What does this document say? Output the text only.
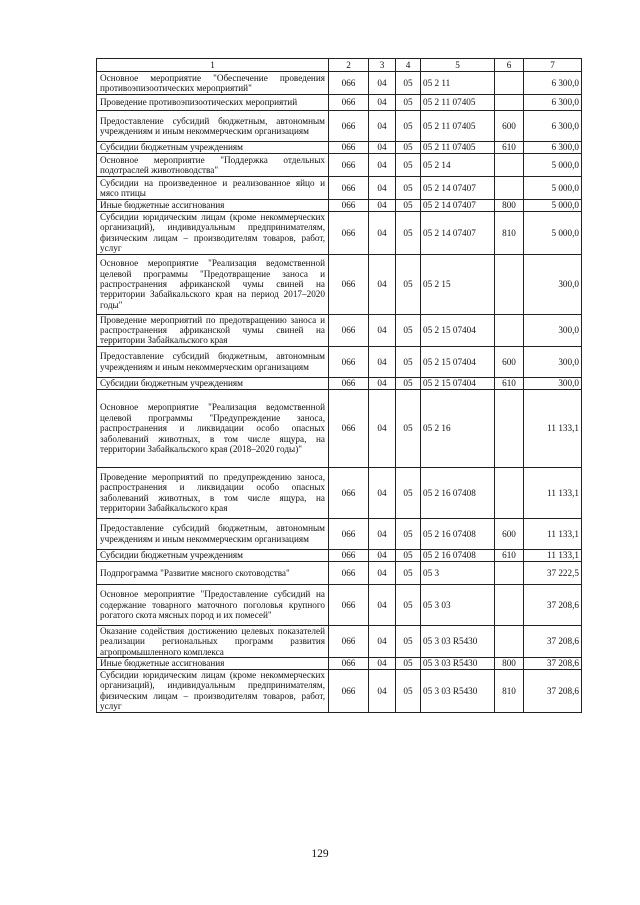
1	2	3	4	5	6	7
Основное мероприятие "Обеспечение проведения противоэпизоотических мероприятий"	066	04	05	05 2 11		6 300,0
Проведение противоэпизоотических мероприятий	066	04	05	05 2 11 07405		6 300,0
Предоставление субсидий бюджетным, автономным учреждениям и иным некоммерческим организациям	066	04	05	05 2 11 07405	600	6 300,0
Субсидии бюджетным учреждениям	066	04	05	05 2 11 07405	610	6 300,0
Основное мероприятие "Поддержка отдельных подотраслей животноводства"	066	04	05	05 2 14		5 000,0
Субсидии на произведенное и реализованное яйцо и мясо птицы	066	04	05	05 2 14 07407		5 000,0
Иные бюджетные ассигнования	066	04	05	05 2 14 07407	800	5 000,0
Субсидии юридическим лицам (кроме некоммерческих организаций), индивидуальным предпринимателям, физическим лицам – производителям товаров, работ, услуг	066	04	05	05 2 14 07407	810	5 000,0
Основное мероприятие "Реализация ведомственной целевой программы "Предотвращение заноса и распространения африканской чумы свиней на территории Забайкальского края на период 2017–2020 годы"	066	04	05	05 2 15		300,0
Проведение мероприятий по предотвращению заноса и распространения африканской чумы свиней на территории Забайкальского края	066	04	05	05 2 15 07404		300,0
Предоставление субсидий бюджетным, автономным учреждениям и иным некоммерческим организациям	066	04	05	05 2 15 07404	600	300,0
Субсидии бюджетным учреждениям	066	04	05	05 2 15 07404	610	300,0
Основное мероприятие "Реализация ведомственной целевой программы "Предупреждение заноса, распространения и ликвидации особо опасных заболеваний животных, в том числе ящура, на территории Забайкальского края (2018–2020 годы)"	066	04	05	05 2 16		11 133,1
Проведение мероприятий по предупреждению заноса, распространения и ликвидации особо опасных заболеваний животных, в том числе ящура, на территории Забайкальского края	066	04	05	05 2 16 07408		11 133,1
Предоставление субсидий бюджетным, автономным учреждениям и иным некоммерческим организациям	066	04	05	05 2 16 07408	600	11 133,1
Субсидии бюджетным учреждениям	066	04	05	05 2 16 07408	610	11 133,1
Подпрограмма "Развитие мясного скотоводства"	066	04	05	05 3		37 222,5
Основное мероприятие "Предоставление субсидий на содержание товарного маточного поголовья крупного рогатого скота мясных пород и их помесей"	066	04	05	05 3 03		37 208,6
Оказание содействия достижению целевых показателей реализации региональных программ развития агропромышленного комплекса	066	04	05	05 3 03 R5430		37 208,6
Иные бюджетные ассигнования	066	04	05	05 3 03 R5430	800	37 208,6
Субсидии юридическим лицам (кроме некоммерческих организаций), индивидуальным предпринимателям, физическим лицам – производителям товаров, работ, услуг	066	04	05	05 3 03 R5430	810	37 208,6
129
